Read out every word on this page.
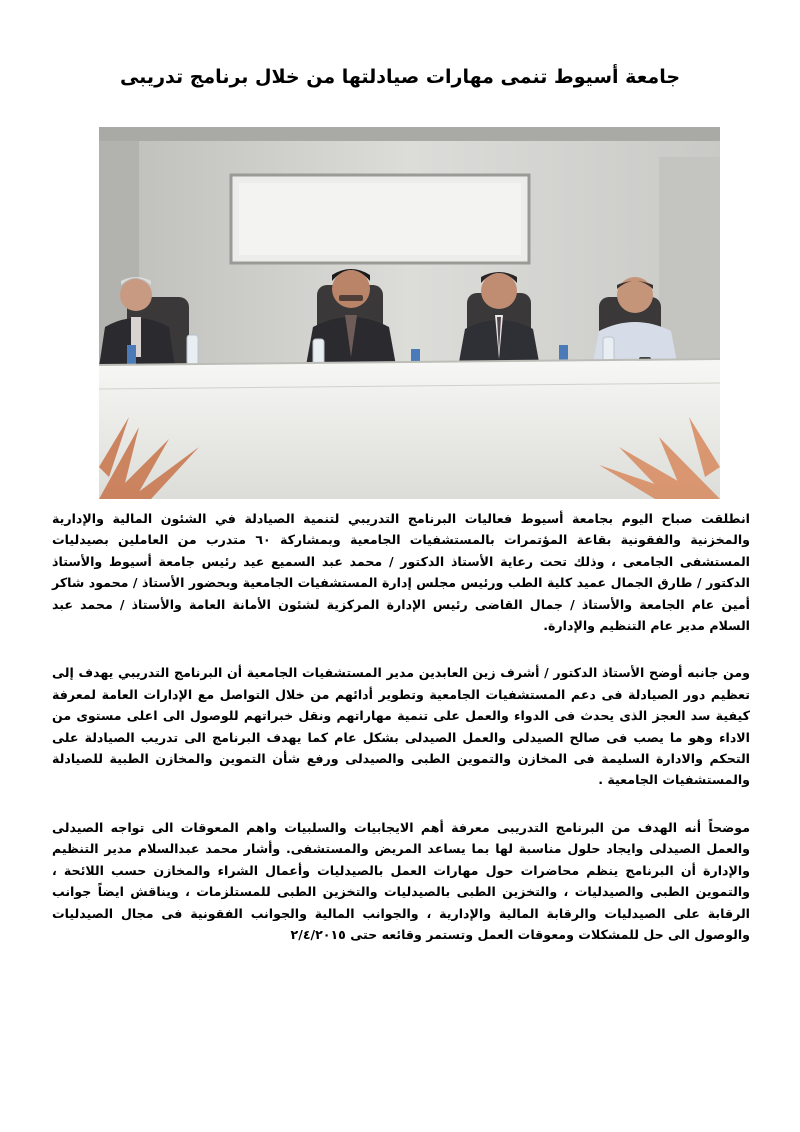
جامعة أسيوط تنمى مهارات صيادلتها من خلال برنامج تدريبى

انطلقت صباح اليوم بجامعة أسيوط فعاليات البرنامج التدريبي لتنمية الصيادلة في الشئون المالية والإدارية والمخزنية والفقونية بقاعة المؤتمرات بالمستشفيات الجامعية وبمشاركة ٦٠ متدرب من العاملين بصيدليات المستشفى الجامعى ، وذلك تحت رعاية الأستاذ الدكتور / محمد عبد السميع عيد رئيس جامعة أسيوط والأستاذ الدكتور / طارق الجمال عميد كلية الطب ورئيس مجلس إدارة المستشفيات الجامعية وبحضور الأستاذ / محمود شاكر أمين عام الجامعة والأستاذ / جمال القاضى رئيس الإدارة المركزية لشئون الأمانة العامة والأستاذ / محمد عبد السلام مدير عام التنظيم والإدارة.

ومن جانبه أوضح الأستاذ الدكتور / أشرف زين العابدين مدير المستشفيات الجامعية أن البرنامج التدريبي يهدف إلى تعظيم دور الصيادلة فى دعم المستشفيات الجامعية وتطوير أدائهم من خلال التواصل مع الإدارات العامة لمعرفة كيفية سد العجز الذى يحدث فى الدواء والعمل على تنمية مهاراتهم ونقل خبراتهم للوصول الى اعلى مستوى من الاداء وهو ما يصب فى صالح الصيدلى والعمل الصيدلى بشكل عام كما يهدف البرنامج الى تدريب الصيادلة على التحكم والادارة السليمة فى المخازن والتموين الطبى والصيدلى ورفع شأن التموين والمخازن الطبية للصيادلة والمستشفيات الجامعية .

موضحاً أنه الهدف من البرنامج التدريبى معرفة أهم الايجابيات والسلبيات واهم المعوقات الى تواجه الصيدلى والعمل الصيدلى وايجاد حلول مناسبة لها بما يساعد المريض والمستشفى. وأشار محمد عبدالسلام مدير التنظيم والإدارة أن البرنامج ينظم محاضرات حول مهارات العمل بالصيدليات وأعمال الشراء والمخازن حسب اللائحة ، والتموين الطبى والصيدليات ، والتخزين الطبى بالصيدليات والتخزين الطبى للمستلزمات ، ويناقش ايضاً جوانب الرقابة على الصيدليات والرقابة المالية والإدارية ، والجوانب المالية والجوانب الفقونية فى مجال الصيدليات والوصول الى حل للمشكلات ومعوقات العمل وتستمر وقائعه حتى ٢/٤/٢٠١٥
